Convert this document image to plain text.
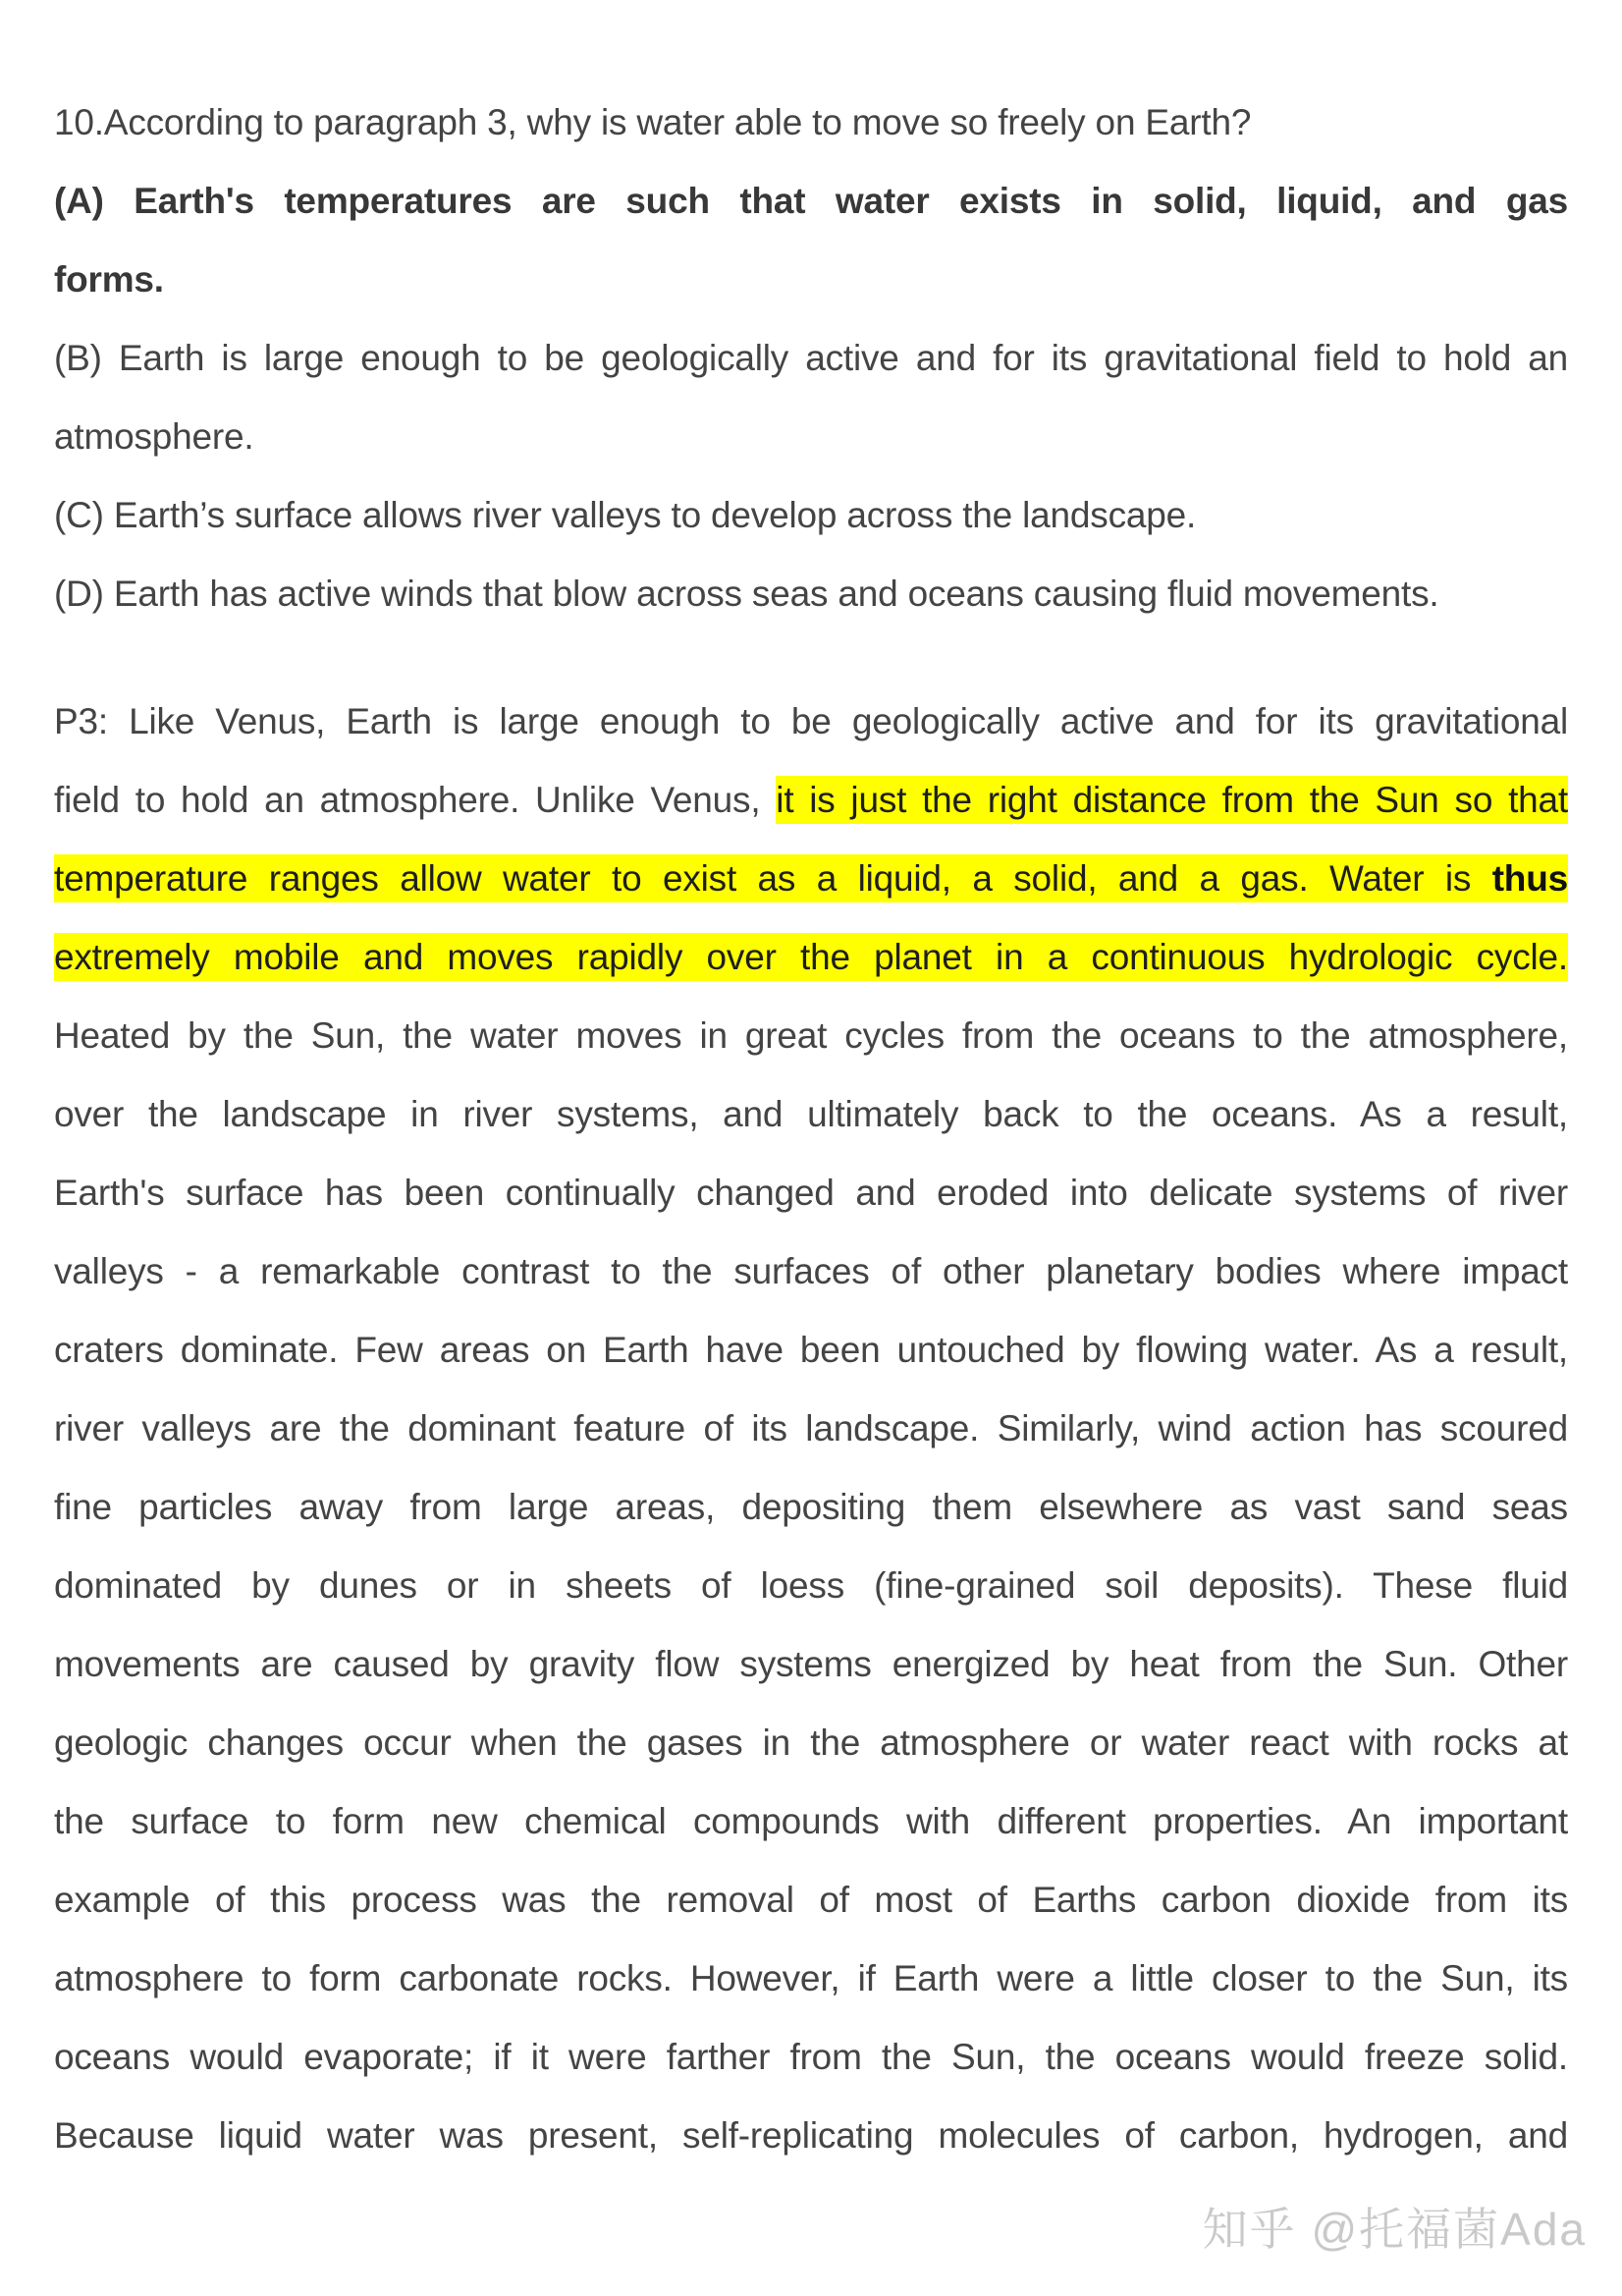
10.According to paragraph 3, why is water able to move so freely on Earth?
(A) Earth's temperatures are such that water exists in solid, liquid, and gas
forms.
(B) Earth is large enough to be geologically active and for its gravitational field to hold an
atmosphere.
(C) Earth’s surface allows river valleys to develop across the landscape.
(D) Earth has active winds that blow across seas and oceans causing fluid movements.
P3: Like Venus, Earth is large enough to be geologically active and for its gravitational
field to hold an atmosphere. Unlike Venus, it is just the right distance from the Sun so that
temperature ranges allow water to exist as a liquid, a solid, and a gas. Water is thus
extremely mobile and moves rapidly over the planet in a continuous hydrologic cycle.
Heated by the Sun, the water moves in great cycles from the oceans to the atmosphere,
over the landscape in river systems, and ultimately back to the oceans. As a result,
Earth's surface has been continually changed and eroded into delicate systems of river
valleys - a remarkable contrast to the surfaces of other planetary bodies where impact
craters dominate. Few areas on Earth have been untouched by flowing water. As a result,
river valleys are the dominant feature of its landscape. Similarly, wind action has scoured
fine particles away from large areas, depositing them elsewhere as vast sand seas
dominated by dunes or in sheets of loess (fine-grained soil deposits). These fluid
movements are caused by gravity flow systems energized by heat from the Sun. Other
geologic changes occur when the gases in the atmosphere or water react with rocks at
the surface to form new chemical compounds with different properties. An important
example of this process was the removal of most of Earths carbon dioxide from its
atmosphere to form carbonate rocks. However, if Earth were a little closer to the Sun, its
oceans would evaporate; if it were farther from the Sun, the oceans would freeze solid.
Because liquid water was present, self-replicating molecules of carbon, hydrogen, and
知乎 @托福菌Ada
